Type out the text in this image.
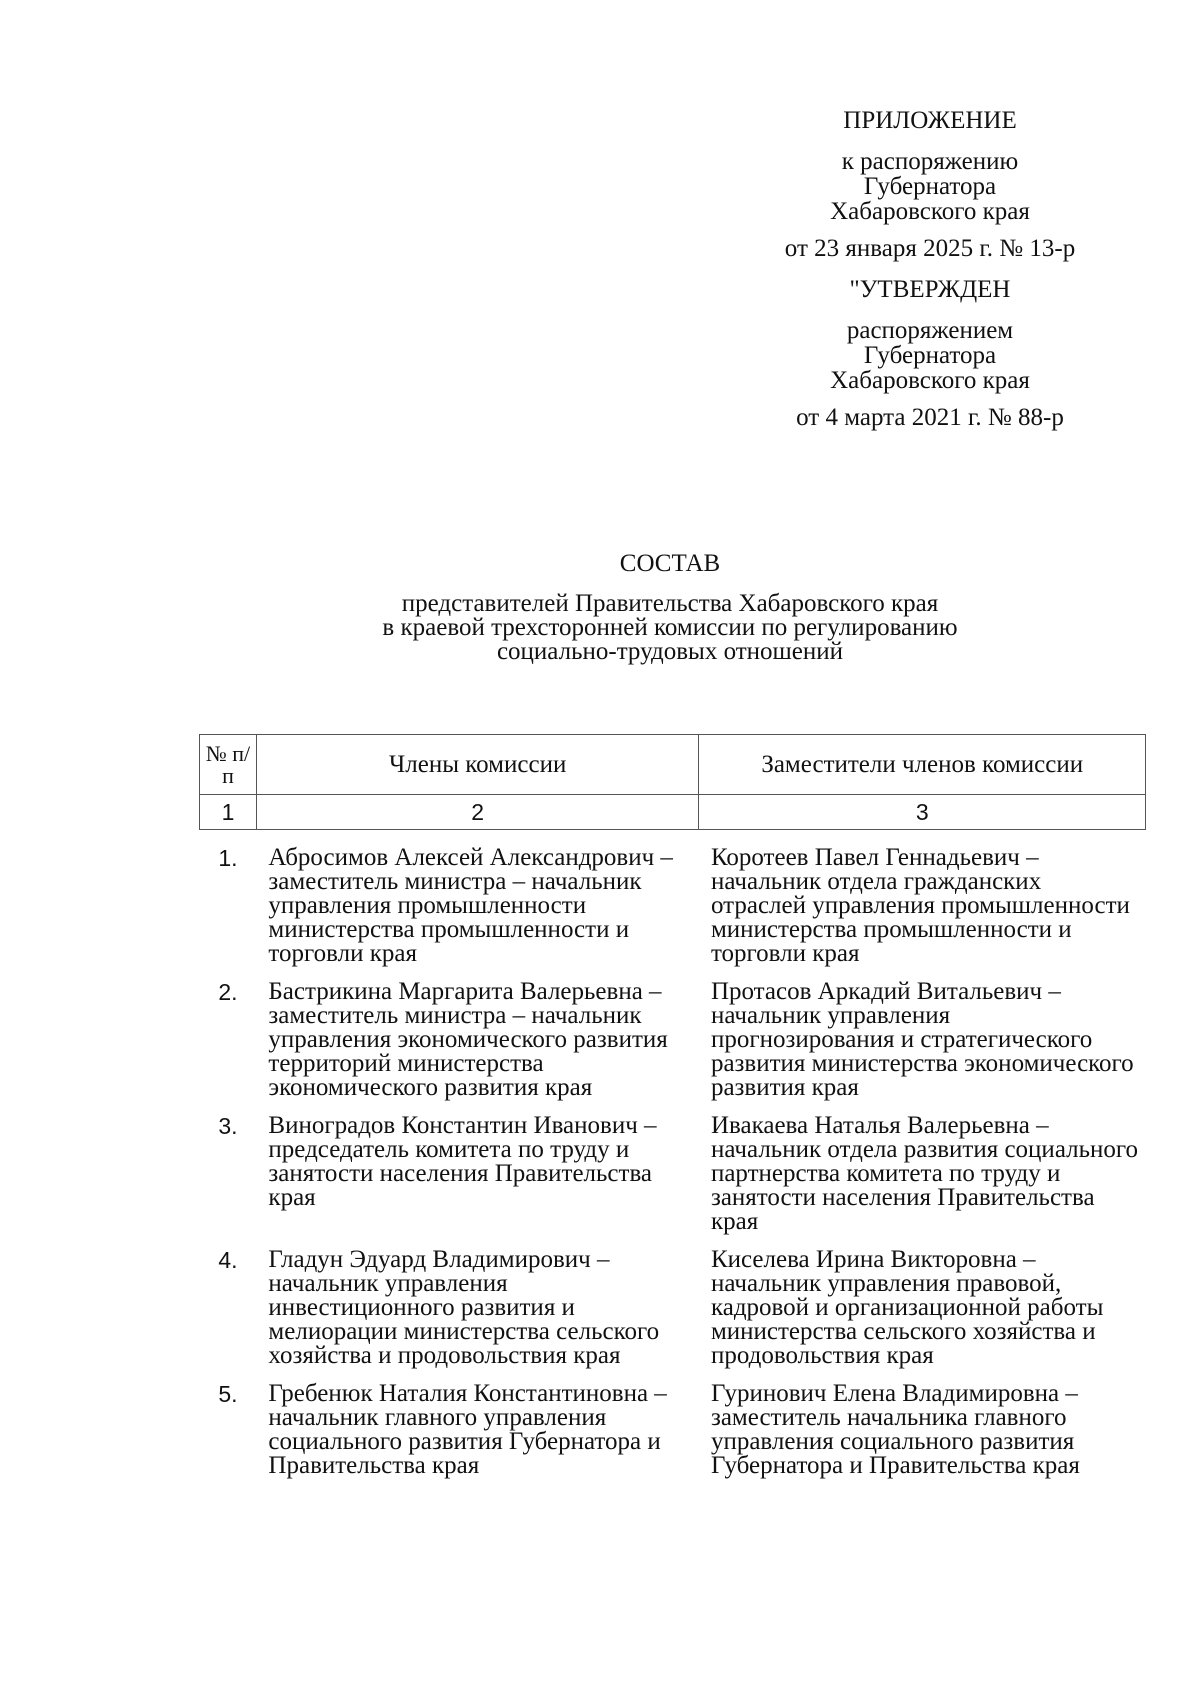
ПРИЛОЖЕНИЕ

к распоряжению

Губернатора

Хабаровского края

от 23 января 2025 г. № 13-р

"УТВЕРЖДЕН

распоряжением

Губернатора

Хабаровского края

от 4 марта 2021 г. № 88-р

СОСТАВ

представителей Правительства Хабаровского края

в краевой трехсторонней комиссии по регулированию

социально-трудовых отношений

№ п/п	Члены комиссии	Заместители членов комиссии
1	2	3
1.	Абросимов Алексей Александрович – заместитель министра – начальник управления промышленности министерства промышленности и торговли края	Коротеев Павел Геннадьевич – начальник отдела гражданских отраслей управления промышленности министерства промышленности и торговли края
2.	Бастрикина Маргарита Валерьевна – заместитель министра – начальник управления экономического развития территорий министерства экономического развития края	Протасов Аркадий Витальевич – начальник управления прогнозирования и стратегического развития министерства экономического развития края
3.	Виноградов Константин Иванович – председатель комитета по труду и занятости населения Правительства края	Ивакаева Наталья Валерьевна – начальник отдела развития социального партнерства комитета по труду и занятости населения Правительства края
4.	Гладун Эдуард Владимирович – начальник управления инвестиционного развития и мелиорации министерства сельского хозяйства и продовольствия края	Киселева Ирина Викторовна – начальник управления правовой, кадровой и организационной работы министерства сельского хозяйства и продовольствия края
5.	Гребенюк Наталия Константиновна – начальник главного управления социального развития Губернатора и Правительства края	Гуринович Елена Владимировна – заместитель начальника главного управления социального развития Губернатора и Правительства края
